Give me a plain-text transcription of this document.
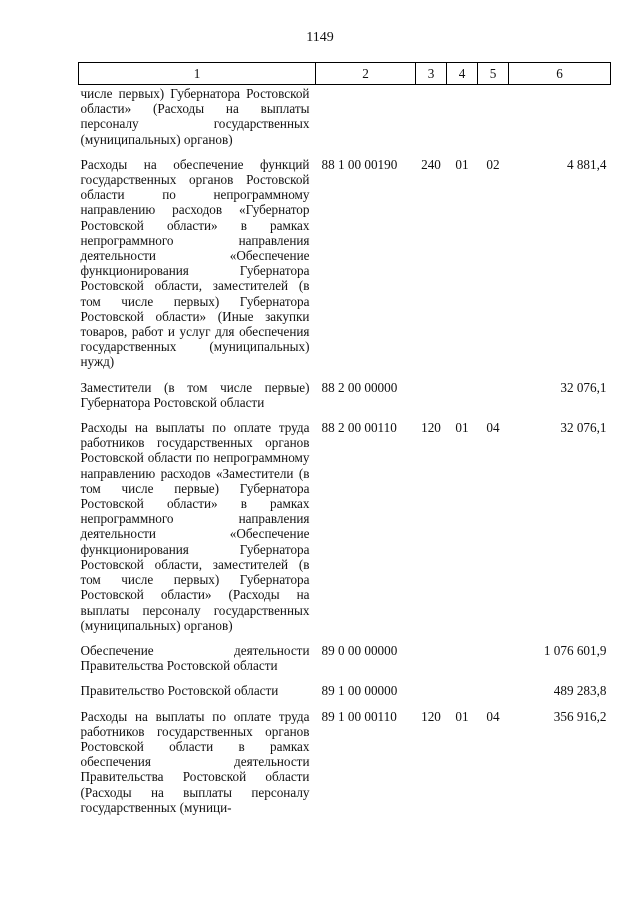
1149
1	2	3	4	5	6
числе первых) Губернатора Ростовской области» (Расходы на выплаты персоналу государственных (муниципальных) органов)					
Расходы на обеспечение функций государственных органов Ростовской области по непрограммному направлению расходов «Губернатор Ростовской области» в рамках непрограммного направления деятельности «Обеспечение функционирования Губернатора Ростовской области, заместителей (в том числе первых) Губернатора Ростовской области» (Иные закупки товаров, работ и услуг для обеспечения государственных (муниципальных) нужд)	88 1 00 00190	240	01	02	4 881,4
Заместители (в том числе первые) Губернатора Ростовской области	88 2 00 00000				32 076,1
Расходы на выплаты по оплате труда работников государственных органов Ростовской области по непрограммному направлению расходов «Заместители (в том числе первые) Губернатора Ростовской области» в рамках непрограммного направления деятельности «Обеспечение функционирования Губернатора Ростовской области, заместителей (в том числе первых) Губернатора Ростовской области» (Расходы на выплаты персоналу государственных (муниципальных) органов)	88 2 00 00110	120	01	04	32 076,1
Обеспечение деятельности Правительства Ростовской области	89 0 00 00000				1 076 601,9
Правительство Ростовской области	89 1 00 00000				489 283,8
Расходы на выплаты по оплате труда работников государственных органов Ростовской области в рамках обеспечения деятельности Правительства Ростовской области (Расходы на выплаты персоналу государственных (муници-	89 1 00 00110	120	01	04	356 916,2
